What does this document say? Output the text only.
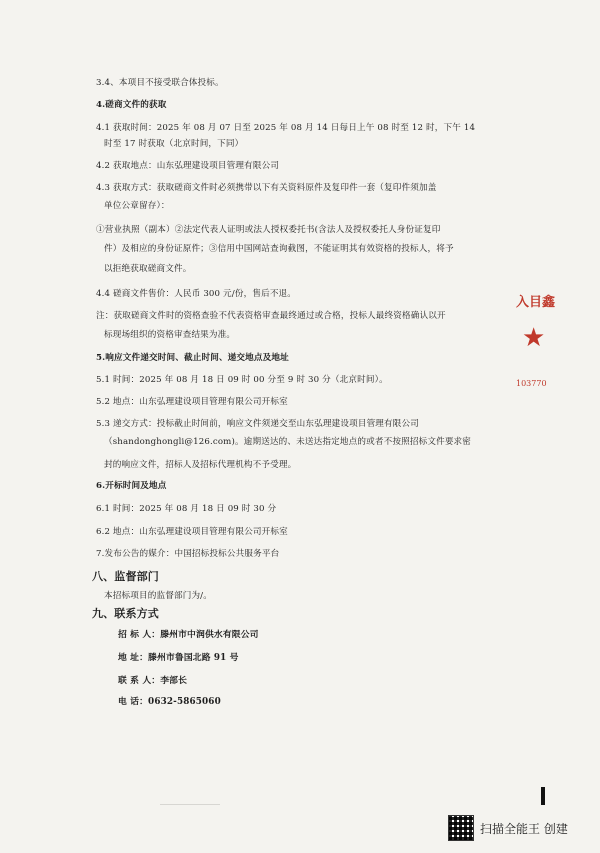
3.4、本项目不接受联合体投标。
4.磋商文件的获取
4.1 获取时间：2025 年 08 月 07 日至 2025 年 08 月 14 日每日上午 08 时至 12 时，下午 14
时至 17 时获取（北京时间，下同）
4.2 获取地点：山东弘理建设项目管理有限公司
4.3 获取方式：获取磋商文件时必须携带以下有关资料原件及复印件一套（复印件须加盖
单位公章留存）：
①营业执照（副本）②法定代表人证明或法人授权委托书(含法人及授权委托人身份证复印
件）及相应的身份证原件；③信用中国网站查询截图，不能证明其有效资格的投标人，将予
以拒绝获取磋商文件。
4.4 磋商文件售价：人民币 300 元/份，售后不退。
注：获取磋商文件时的资格查验不代表资格审查最终通过或合格，投标人最终资格确认以开
标现场组织的资格审查结果为准。
5.响应文件递交时间、截止时间、递交地点及地址
5.1 时间：2025 年 08 月 18 日 09 时 00 分至 9 时 30 分（北京时间）。
5.2 地点：山东弘理建设项目管理有限公司开标室
5.3 递交方式：投标截止时间前，响应文件须递交至山东弘理建设项目管理有限公司
（shandonghongli@126.com)。逾期送达的、未送达指定地点的或者不按照招标文件要求密
封的响应文件，招标人及招标代理机构不予受理。
6.开标时间及地点
6.1 时间：2025 年 08 月 18 日 09 时 30 分
6.2 地点：山东弘理建设项目管理有限公司开标室
7.发布公告的媒介：中国招标投标公共服务平台
八、监督部门
本招标项目的监督部门为/。
九、联系方式
招 标 人：滕州市中润供水有限公司
地 址：滕州市鲁国北路 91 号
联 系 人：李部长
电 话：0632-5865060
入目鑫
★
103770
扫描全能王 创建
